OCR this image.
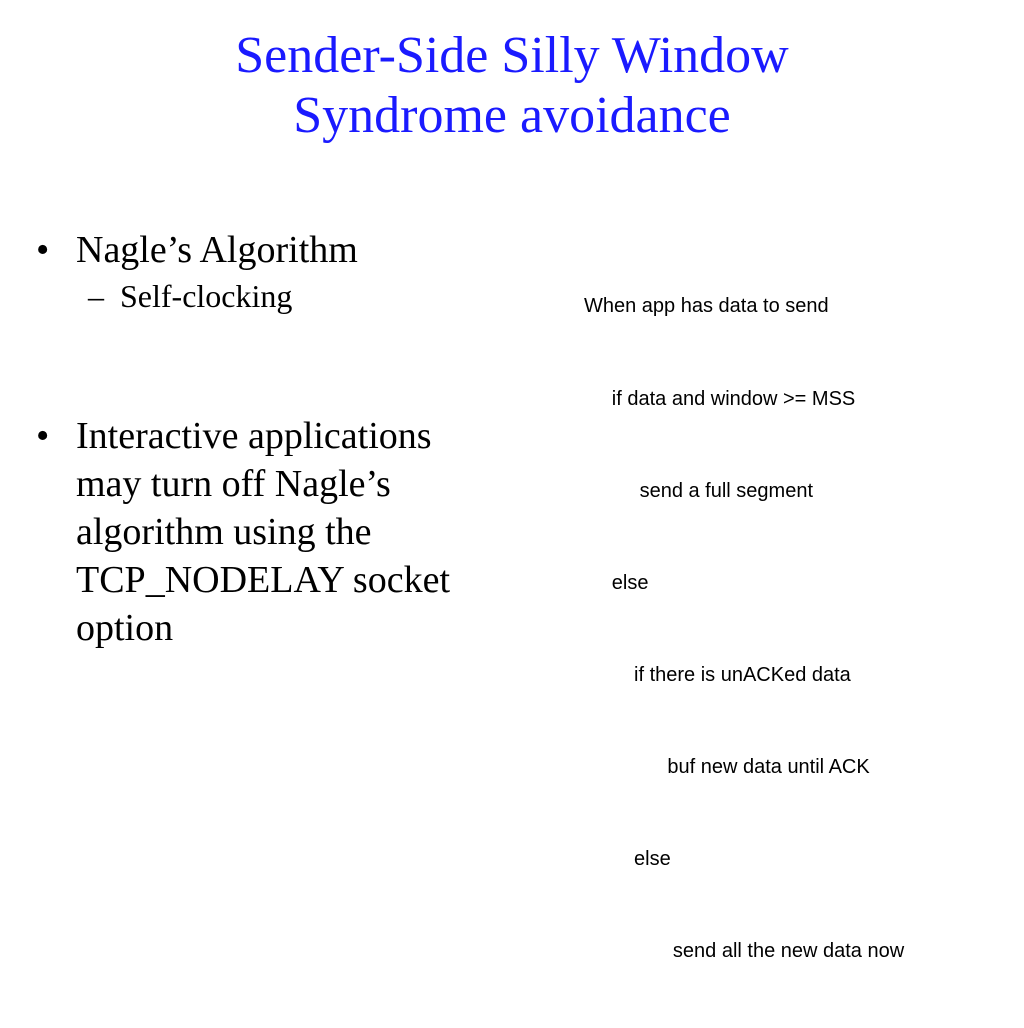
Sender-Side Silly Window
Syndrome avoidance
• Nagle’s Algorithm
– Self-clocking
• Interactive applications
may turn off Nagle’s
algorithm using the
TCP_NODELAY socket
option

When app has data to send

if data and window >= MSS

send a full segment

else

if there is unACKed data

buf new data until ACK

else

send all the new data now
